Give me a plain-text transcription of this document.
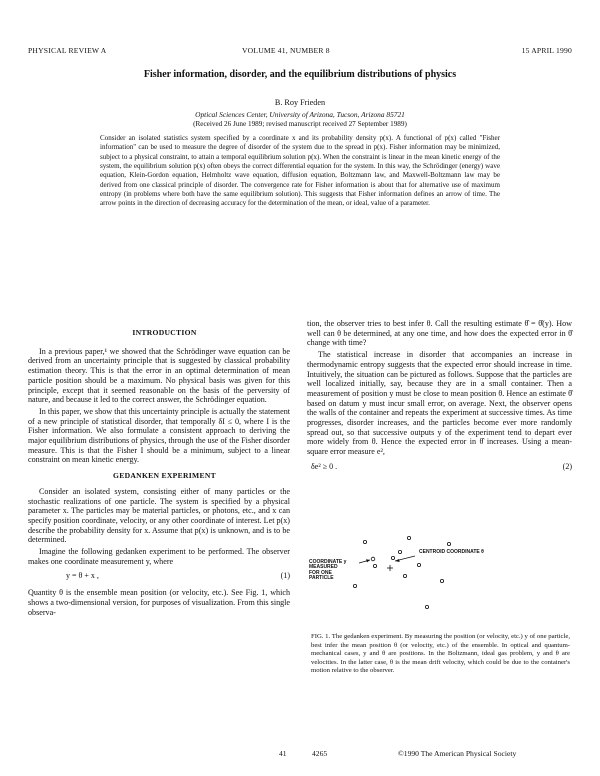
PHYSICAL REVIEW A	VOLUME 41, NUMBER 8	15 APRIL 1990
Fisher information, disorder, and the equilibrium distributions of physics
B. Roy Frieden
Optical Sciences Center, University of Arizona, Tucson, Arizona 85721
(Received 26 June 1989; revised manuscript received 27 September 1989)
Consider an isolated statistics system specified by a coordinate x and its probability density p(x). A functional of p(x) called "Fisher information" can be used to measure the degree of disorder of the system due to the spread in p(x). Fisher information may be minimized, subject to a physical constraint, to attain a temporal equilibrium solution p(x). When the constraint is linear in the mean kinetic energy of the system, the equilibrium solution p(x) often obeys the correct differential equation for the system. In this way, the Schrödinger (energy) wave equation, Klein-Gordon equation, Helmholtz wave equation, diffusion equation, Boltzmann law, and Maxwell-Boltzmann law may be derived from one classical principle of disorder. The convergence rate for Fisher information is about that for alternative use of maximum entropy (in problems where both have the same equilibrium solution). This suggests that Fisher information defines an arrow of time. The arrow points in the direction of decreasing accuracy for the determination of the mean, or ideal, value of a parameter.

INTRODUCTION

In a previous paper,¹ we showed that the Schrödinger wave equation can be derived from an uncertainty principle that is suggested by classical probability estimation theory. This is that the error in an optimal determination of mean particle position should be a maximum. No physical basis was given for this principle, except that it seemed reasonable on the basis of the perversity of nature, and because it led to the correct answer, the Schrödinger equation.

In this paper, we show that this uncertainty principle is actually the statement of a new principle of statistical disorder, that temporally δI ≤ 0, where I is the Fisher information. We also formulate a consistent approach to deriving the major equilibrium distributions of physics, through the use of the Fisher disorder measure. This is that the Fisher I should be a minimum, subject to a linear constraint on mean kinetic energy.

GEDANKEN EXPERIMENT

Consider an isolated system, consisting either of many particles or the stochastic realizations of one particle. The system is specified by a physical parameter x. The particles may be material particles, or photons, etc., and x can specify position coordinate, velocity, or any other coordinate of interest. Let p(x) describe the probability density for x. Assume that p(x) is unknown, and is to be determined.

Imagine the following gedanken experiment to be performed. The observer makes one coordinate measurement y, where

y = θ + x ,	(1)

Quantity θ is the ensemble mean position (or velocity, etc.). See Fig. 1, which shows a two-dimensional version, for purposes of visualization. From this single observa-

tion, the observer tries to best infer θ. Call the resulting estimate θ̂ = θ̂(y). How well can θ be determined, at any one time, and how does the expected error in θ̂ change with time?

The statistical increase in disorder that accompanies an increase in thermodynamic entropy suggests that the expected error should increase in time. Intuitively, the situation can be pictured as follows. Suppose that the particles are well localized initially, say, because they are in a small container. Then a measurement of position y must be close to mean position θ. Hence an estimate θ̂ based on datum y must incur small error, on average. Next, the observer opens the walls of the container and repeats the experiment at successive times. As time progresses, disorder increases, and the particles become ever more randomly spread out, so that successive outputs y of the experiment tend to depart ever more widely from θ. Hence the expected error in θ̂ increases. Using a mean-square error measure e²,

δe² ≥ 0 .	(2)
CENTROID COORDINATE θ
COORDINATE y
MEASURED
FOR ONE
PARTICLE
FIG. 1. The gedanken experiment. By measuring the position (or velocity, etc.) y of one particle, best infer the mean position θ (or velocity, etc.) of the ensemble. In optical and quantum-mechanical cases, y and θ are positions. In the Boltzmann, ideal gas problem, y and θ are velocities. In the latter case, θ is the mean drift velocity, which could be due to the container's motion relative to the observer.
41	4265	©1990 The American Physical Society
